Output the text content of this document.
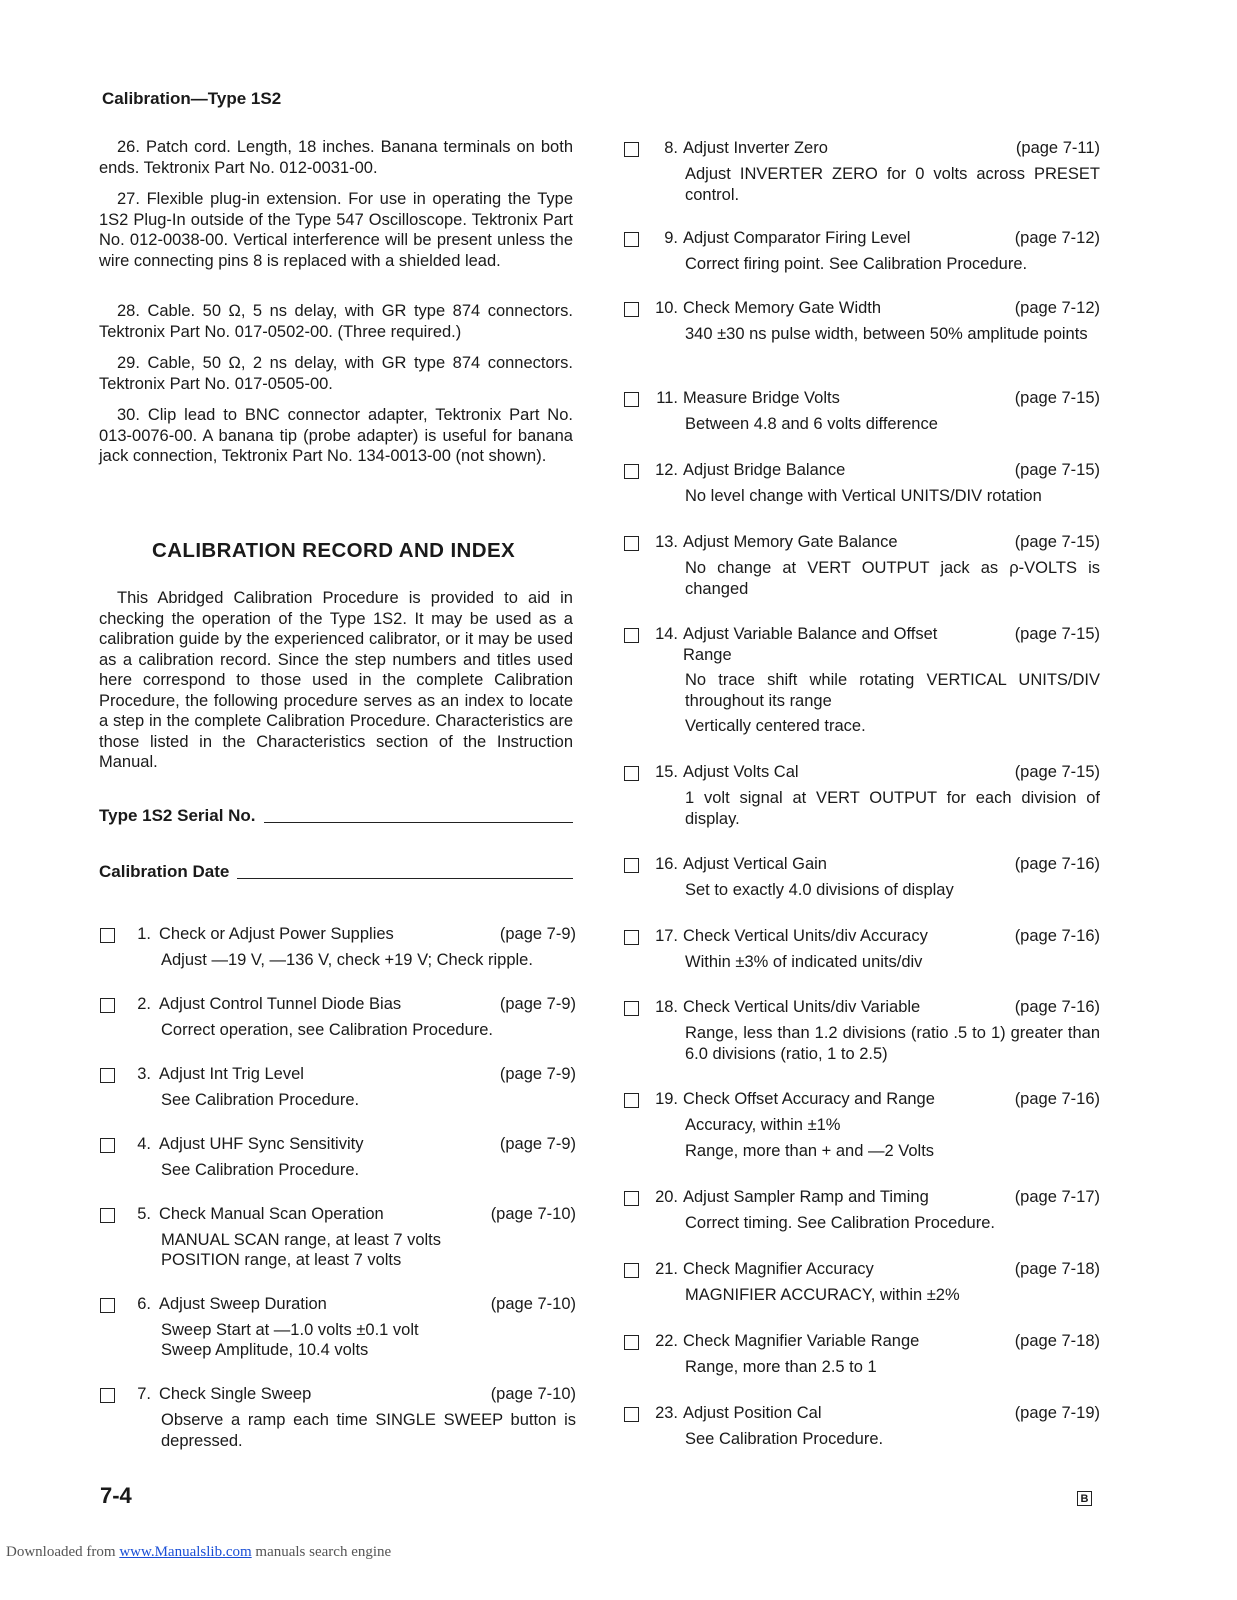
Calibration—Type 1S2
26. Patch cord. Length, 18 inches. Banana terminals on both ends. Tektronix Part No. 012-0031-00.
27. Flexible plug-in extension. For use in operating the Type 1S2 Plug-In outside of the Type 547 Oscilloscope. Tektronix Part No. 012-0038-00. Vertical interference will be present unless the wire connecting pins 8 is replaced with a shielded lead.
28. Cable. 50 Ω, 5 ns delay, with GR type 874 connectors. Tektronix Part No. 017-0502-00. (Three required.)
29. Cable, 50 Ω, 2 ns delay, with GR type 874 connectors. Tektronix Part No. 017-0505-00.
30. Clip lead to BNC connector adapter, Tektronix Part No. 013-0076-00. A banana tip (probe adapter) is useful for banana jack connection, Tektronix Part No. 134-0013-00 (not shown).
CALIBRATION RECORD AND INDEX
This Abridged Calibration Procedure is provided to aid in checking the operation of the Type 1S2. It may be used as a calibration guide by the experienced calibrator, or it may be used as a calibration record. Since the step numbers and titles used here correspond to those used in the complete Calibration Procedure, the following procedure serves as an index to locate a step in the complete Calibration Procedure. Characteristics are those listed in the Characteristics section of the Instruction Manual.
Type 1S2 Serial No.
Calibration Date
1. Check or Adjust Power Supplies	(page 7-9)
Adjust —19 V, —136 V, check +19 V; Check ripple.
2. Adjust Control Tunnel Diode Bias	(page 7-9)
Correct operation, see Calibration Procedure.
3. Adjust Int Trig Level	(page 7-9)
See Calibration Procedure.
4. Adjust UHF Sync Sensitivity	(page 7-9)
See Calibration Procedure.
5. Check Manual Scan Operation	(page 7-10)
MANUAL SCAN range, at least 7 volts
POSITION range, at least 7 volts
6. Adjust Sweep Duration	(page 7-10)
Sweep Start at —1.0 volts ±0.1 volt
Sweep Amplitude, 10.4 volts
7. Check Single Sweep	(page 7-10)
Observe a ramp each time SINGLE SWEEP button is depressed.
8. Adjust Inverter Zero	(page 7-11)
Adjust INVERTER ZERO for 0 volts across PRESET control.
9. Adjust Comparator Firing Level	(page 7-12)
Correct firing point. See Calibration Procedure.
10. Check Memory Gate Width	(page 7-12)
340 ±30 ns pulse width, between 50% amplitude points
11. Measure Bridge Volts	(page 7-15)
Between 4.8 and 6 volts difference
12. Adjust Bridge Balance	(page 7-15)
No level change with Vertical UNITS/DIV rotation
13. Adjust Memory Gate Balance	(page 7-15)
No change at VERT OUTPUT jack as ρ-VOLTS is changed
14. Adjust Variable Balance and Offset Range
(page 7-15)
No trace shift while rotating VERTICAL UNITS/DIV throughout its range
Vertically centered trace.
15. Adjust Volts Cal	(page 7-15)
1 volt signal at VERT OUTPUT for each division of display.
16. Adjust Vertical Gain	(page 7-16)
Set to exactly 4.0 divisions of display
17. Check Vertical Units/div Accuracy	(page 7-16)
Within ±3% of indicated units/div
18. Check Vertical Units/div Variable	(page 7-16)
Range, less than 1.2 divisions (ratio .5 to 1) greater than 6.0 divisions (ratio, 1 to 2.5)
19. Check Offset Accuracy and Range	(page 7-16)
Accuracy, within ±1%
Range, more than + and —2 Volts
20. Adjust Sampler Ramp and Timing	(page 7-17)
Correct timing. See Calibration Procedure.
21. Check Magnifier Accuracy	(page 7-18)
MAGNIFIER ACCURACY, within ±2%
22. Check Magnifier Variable Range	(page 7-18)
Range, more than 2.5 to 1
23. Adjust Position Cal	(page 7-19)
See Calibration Procedure.
7-4	B
Downloaded from www.Manualslib.com manuals search engine
